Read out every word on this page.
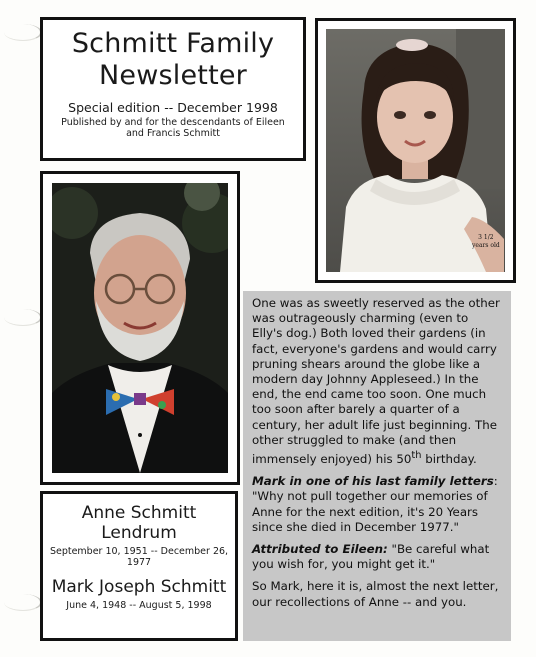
Schmitt Family
Newsletter
Special edition -- December 1998
Published by and for the descendants of Eileen and Francis Schmitt
3 1/2
years old
Anne Schmitt Lendrum
September 10, 1951 -- December 26, 1977
Mark Joseph Schmitt
June 4, 1948 -- August 5, 1998

One was as sweetly reserved as the other was outrageously charming (even to Elly's dog.) Both loved their gardens (in fact, everyone's gardens and would carry pruning shears around the globe like a modern day Johnny Appleseed.) In the end, the end came too soon. One much too soon after barely a quarter of a century, her adult life just beginning. The other struggled to make (and then immensely enjoyed) his 50th birthday.

Mark in one of his last family letters: "Why not pull together our memories of Anne for the next edition, it's 20 Years since she died in December 1977."

Attributed to Eileen: "Be careful what you wish for, you might get it."

So Mark, here it is, almost the next letter, our recollections of Anne -- and you.
